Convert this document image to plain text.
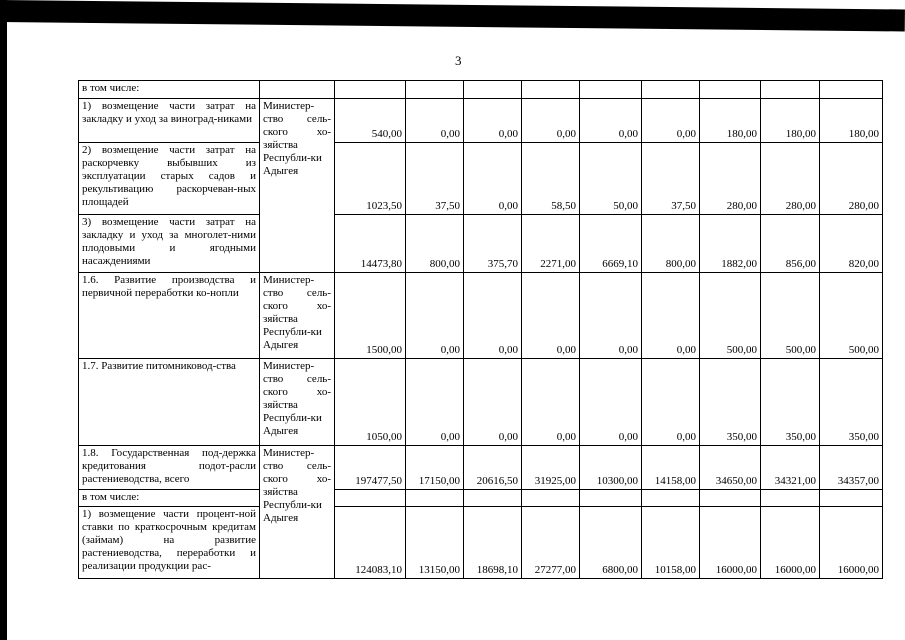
3
в том числе:										
1) возмещение части затрат на закладку и уход за виноград-никами	Министер-ство сель-ского хо-зяйства Республи-ки Адыгея	540,00	0,00	0,00	0,00	0,00	0,00	180,00	180,00	180,00
2) возмещение части затрат на раскорчевку выбывших из эксплуатации старых садов и рекультивацию раскорчеван-ных площадей		1023,50	37,50	0,00	58,50	50,00	37,50	280,00	280,00	280,00
3) возмещение части затрат на закладку и уход за многолет-ними плодовыми и ягодными насаждениями		14473,80	800,00	375,70	2271,00	6669,10	800,00	1882,00	856,00	820,00
1.6. Развитие производства и первичной переработки ко-нопли	Министер-ство сель-ского хо-зяйства Республи-ки Адыгея	1500,00	0,00	0,00	0,00	0,00	0,00	500,00	500,00	500,00
1.7. Развитие питомниковод-ства	Министер-ство сель-ского хо-зяйства Республи-ки Адыгея	1050,00	0,00	0,00	0,00	0,00	0,00	350,00	350,00	350,00
1.8. Государственная под-держка кредитования подот-расли растениеводства, всего	Министер-ство сель-ского хо-зяйства Республи-ки Адыгея	197477,50	17150,00	20616,50	31925,00	10300,00	14158,00	34650,00	34321,00	34357,00
в том числе:										
1) возмещение части процент-ной ставки по краткосрочным кредитам (займам) на развитие растениеводства, переработки и реализации продукции рас-		124083,10	13150,00	18698,10	27277,00	6800,00	10158,00	16000,00	16000,00	16000,00
